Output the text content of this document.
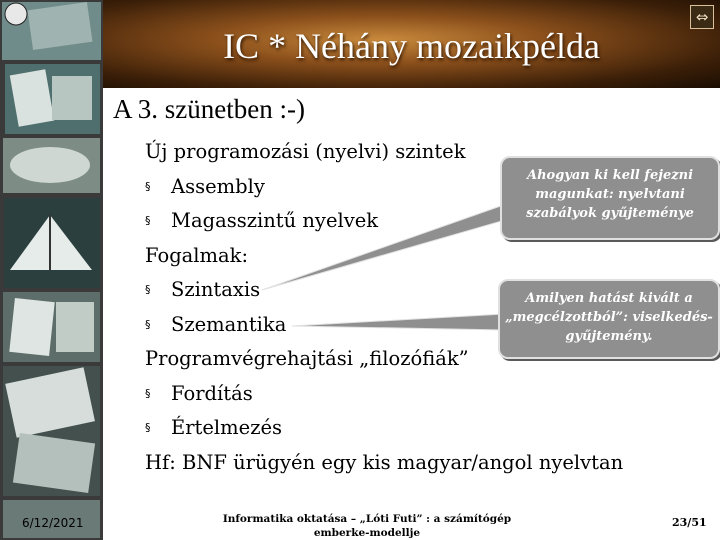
IC * Néhány mozaikpélda
⇔
A 3. szünetben :-)
Új programozási (nyelvi) szintek
§ Assembly
§ Magasszintű nyelvek
Fogalmak:
§ Szintaxis
§ Szemantika
Programvégrehajtási „filozófiák”
§ Fordítás
§ Értelmezés
Hf: BNF ürügyén egy kis magyar/angol nyelvtan
Ahogyan ki kell fejezni magunkat: nyelvtani szabályok gyűjteménye
Amilyen hatást kivált a „megcélzottból”: viselkedés-gyűjtemény.
6/12/2021	Informatika oktatása – „Lóti Futi” : a számítógép
emberke-modellje
23/51
